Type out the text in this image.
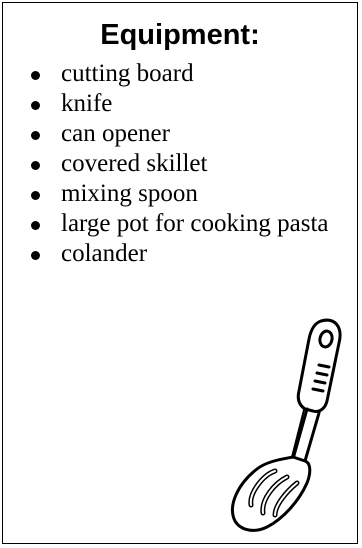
Equipment:
cutting board
knife
can opener
covered skillet
mixing spoon
large pot for cooking pasta
colander
